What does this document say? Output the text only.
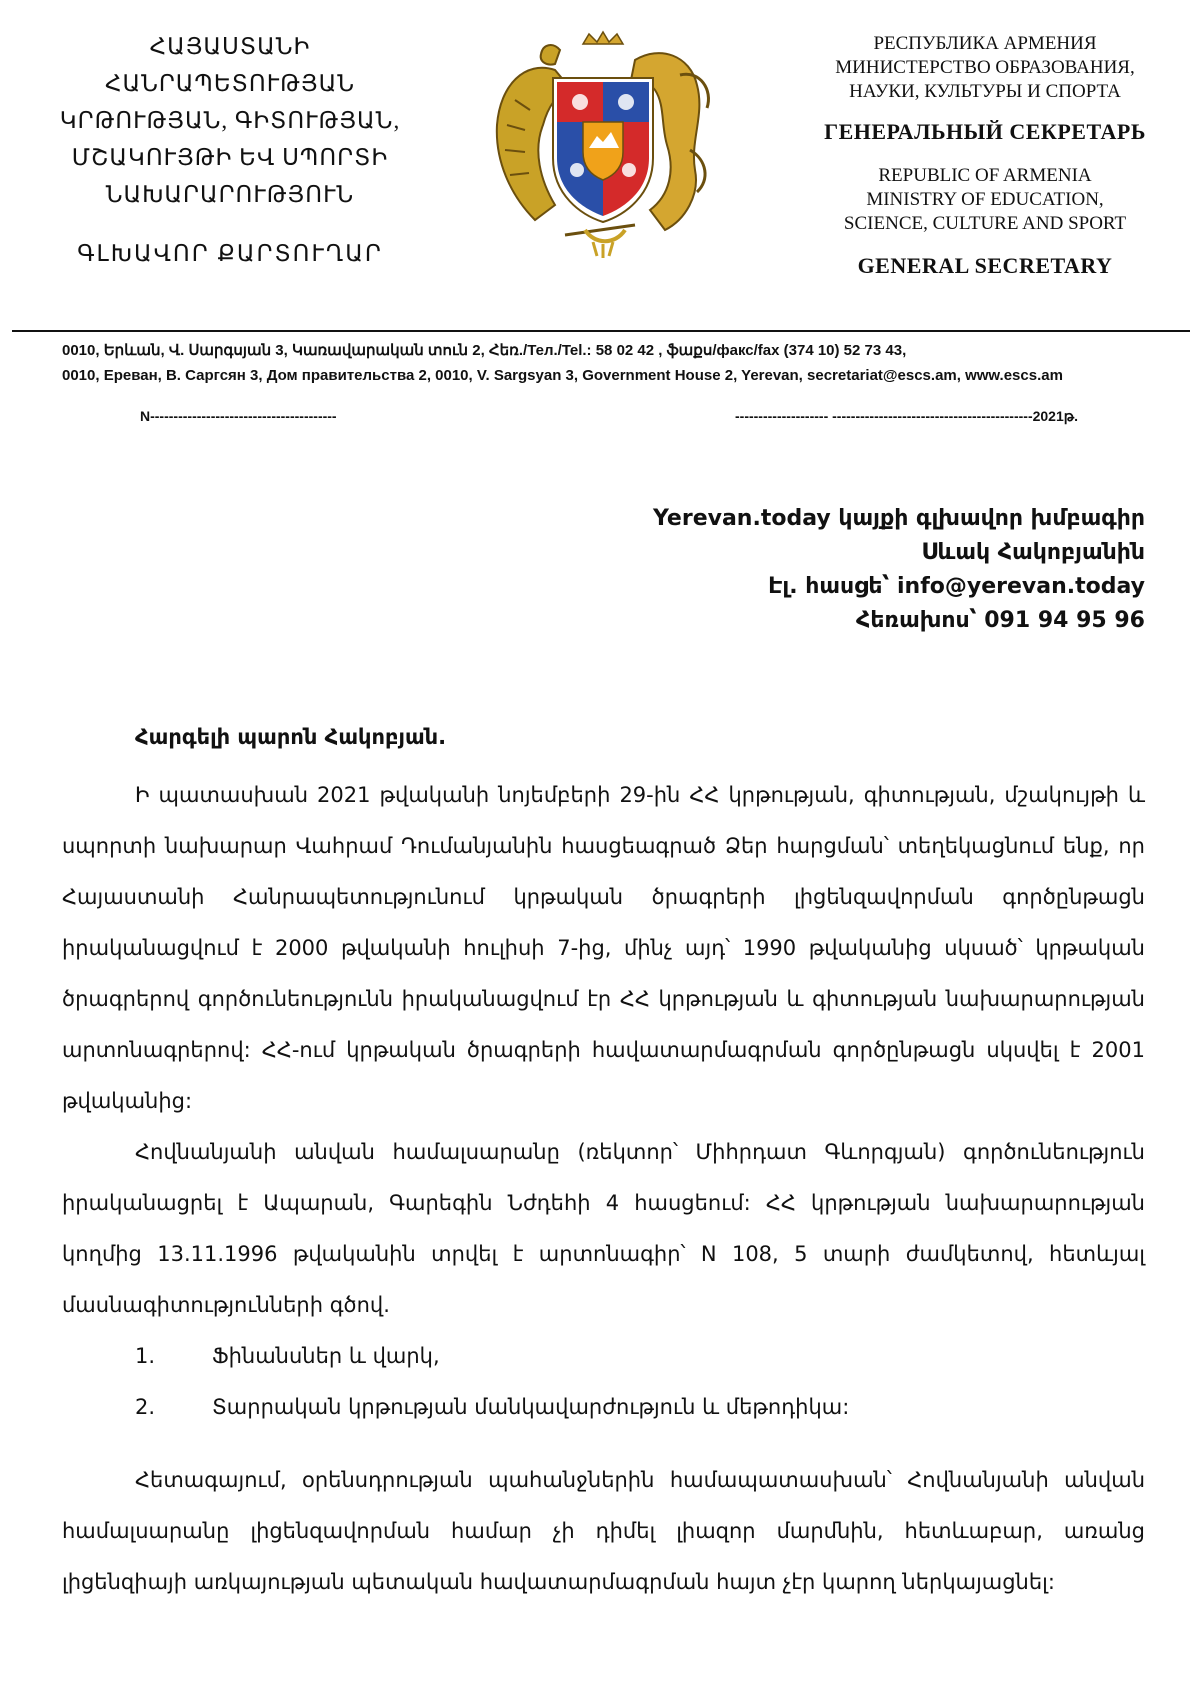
ՀԱՅԱՍՏԱՆԻ
ՀԱՆՐԱՊԵՏՈՒԹՅԱՆ
ԿՐԹՈՒԹՅԱՆ, ԳԻՏՈՒԹՅԱՆ,
ՄՇԱԿՈՒՅԹԻ ԵՎ ՍՊՈՐՏԻ
ՆԱԽԱՐԱՐՈՒԹՅՈՒՆ
ԳԼԽԱՎՈՐ ՔԱՐՏՈՒՂԱՐ
РЕСПУБЛИКА АРМЕНИЯ
МИНИСТЕРСТВО ОБРАЗОВАНИЯ,
НАУКИ, КУЛЬТУРЫ И СПОРТА
ГЕНЕРАЛЬНЫЙ СЕКРЕТАРЬ
REPUBLIC OF ARMENIA
MINISTRY OF EDUCATION,
SCIENCE, CULTURE AND SPORT
GENERAL SECRETARY
0010, Երևան, Վ. Սարգսյան 3, Կառավարական տուն 2, Հեռ./Тел./Tel.: 58 02 42 , ֆաքս/факс/fax (374 10) 52 73 43,
0010, Ереван, В. Саргсян 3, Дом правительства 2, 0010, V. Sargsyan 3, Government House 2, Yerevan, secretariat@escs.am, www.escs.am
N----------------------------------------	-------------------- -------------------------------------------2021թ.
Yerevan.today կայքի գլխավոր խմբագիր
Սևակ Հակոբյանին
Էլ. հասցե՝ info@yerevan.today
Հեռախոս՝ 091 94 95 96
Հարգելի պարոն Հակոբյան.

Ի պատասխան 2021 թվականի նոյեմբերի 29-ին ՀՀ կրթության, գիտության, մշակույթի և սպորտի նախարար Վահրամ Դումանյանին հասցեագրած Ձեր հարցման՝ տեղեկացնում ենք, որ Հայաստանի Հանրապետությունում կրթական ծրագրերի լիցենզավորման գործընթացն իրականացվում է 2000 թվականի հուլիսի 7-ից, մինչ այդ՝ 1990 թվականից սկսած՝ կրթական ծրագրերով գործունեությունն իրականացվում էր ՀՀ կրթության և գիտության նախարարության արտոնագրերով: ՀՀ-ում կրթական ծրագրերի հավատարմագրման գործընթացն սկսվել է 2001 թվականից:

Հովնանյանի անվան համալսարանը (ռեկտոր՝ Միհրդատ Գևորգյան) գործունեություն իրականացրել է Ապարան, Գարեգին Նժդեհի 4 հասցեում: ՀՀ կրթության նախարարության կողմից 13.11.1996 թվականին տրվել է արտոնագիր՝ N 108, 5 տարի ժամկետով, հետևյալ մասնագիտությունների գծով.

1.	Ֆինանսներ և վարկ,
2.	Տարրական կրթության մանկավարժություն և մեթոդիկա:

Հետագայում, օրենսդրության պահանջներին համապատասխան՝ Հովնանյանի անվան համալսարանը լիցենզավորման համար չի դիմել լիազոր մարմնին, հետևաբար, առանց լիցենզիայի առկայության պետական հավատարմագրման հայտ չէր կարող ներկայացնել:
